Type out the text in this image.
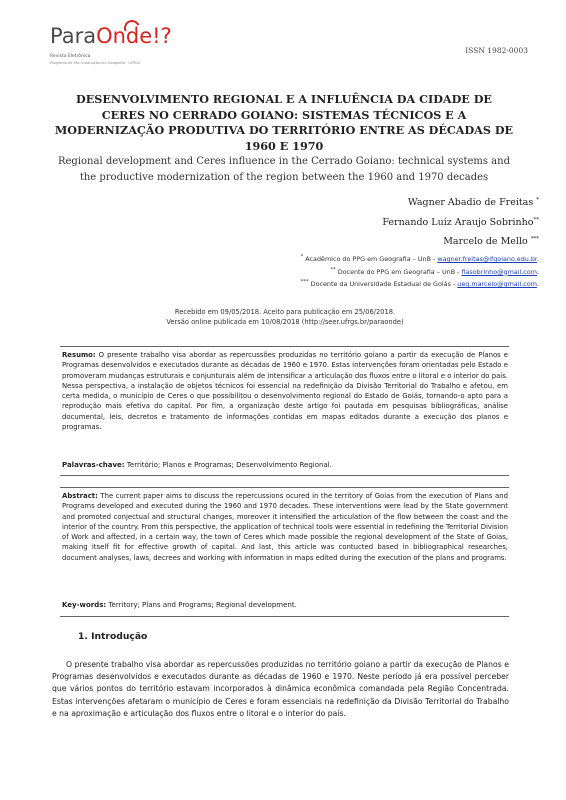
ParaOnde!?
Revista Eletrônica
Programa de Pós-Graduação em Geografia - UFRGS
ISSN 1982-0003
DESENVOLVIMENTO REGIONAL E A INFLUÊNCIA DA CIDADE DE CERES NO CERRADO GOIANO: SISTEMAS TÉCNICOS E A MODERNIZAÇÃO PRODUTIVA DO TERRITÓRIO ENTRE AS DÉCADAS DE 1960 E 1970
Regional development and Ceres influence in the Cerrado Goiano: technical systems and the productive modernization of the region between the 1960 and 1970 decades
Wagner Abadio de Freitas *
Fernando Luíz Araujo Sobrinho**
Marcelo de Mello ***
* Acadêmico do PPG em Geografia – UnB - wagner.freitas@ifgoiano.edu.br.
** Docente do PPG em Geografia – UnB - flasobrinho@gmail.com.
*** Docente da Universidade Estadual de Goiás - ueg.marcelo@gmail.com.
Recebido em 09/05/2018. Aceito para publicação em 25/06/2018.
Versão online publicada em 10/08/2018 (http://seer.ufrgs.br/paraonde)
Resumo: O presente trabalho visa abordar as repercussões produzidas no território goiano a partir da execução de Planos e Programas desenvolvidos e executados durante as décadas de 1960 e 1970. Estas intervenções foram orientadas pelo Estado e promoveram mudanças estruturais e conjunturais além de intensificar a articulação dos fluxos entre o litoral e o interior do país. Nessa perspectiva, a instalação de objetos técnicos foi essencial na redefinição da Divisão Territorial do Trabalho e afetou, em certa medida, o município de Ceres o que possibilitou o desenvolvimento regional do Estado de Goiás, tornando-o apto para a reprodução mais efetiva do capital. Por fim, a organização deste artigo foi pautada em pesquisas bibliográficas, análise documental, leis, decretos e tratamento de informações contidas em mapas editados durante a execução dos planos e programas.
Palavras-chave: Território; Planos e Programas; Desenvolvimento Regional.
Abstract: The current paper aims to discuss the repercussions ocured in the territory of Goias from the execution of Plans and Programs developed and executed during the 1960 and 1970 decades. These interventions were lead by the State government and promoted conjectual and structural changes, moreover it intensified the articulation of the flow between the coast and the interior of the country. From this perspective, the application of technical tools were essential in redefining the Territorial Division of Work and affected, in a certain way, the town of Ceres which made possible the regional development of the State of Goias, making itself fit for effective growth of capital. And last, this article was contucted based in bibliographical researches, document analyses, laws, decrees and working with information in maps edited during the execution of the plans and programs.
Key-words: Territory; Plans and Programs; Regional development.
1. Introdução
O presente trabalho visa abordar as repercussões produzidas no território goiano a partir da execução de Planos e Programas desenvolvidos e executados durante as décadas de 1960 e 1970. Neste período já era possível perceber que vários pontos do território estavam incorporados à dinâmica econômica comandada pela Região Concentrada. Estas intervenções afetaram o município de Ceres e foram essenciais na redefinição da Divisão Territorial do Trabalho e na aproximação e articulação dos fluxos entre o litoral e o interior do país.
